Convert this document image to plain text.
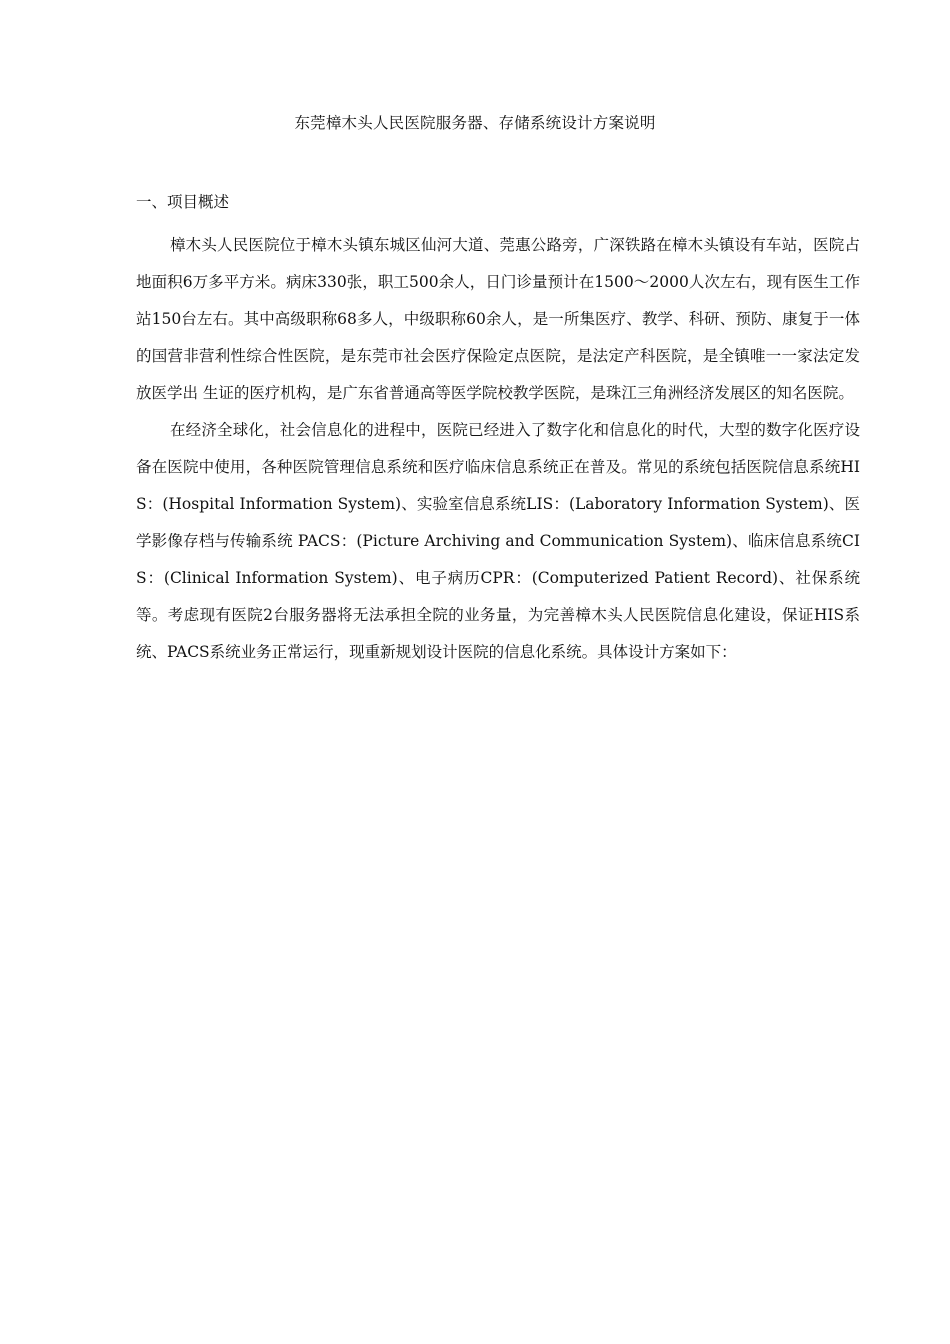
东莞樟木头人民医院服务器、存储系统设计方案说明
一、项目概述

樟木头人民医院位于樟木头镇东城区仙河大道、莞惠公路旁，广深铁路在樟木头镇设有车站，医院占地面积6万多平方米。病床330张，职工500余人，日门诊量预计在1500～2000人次左右，现有医生工作站150台左右。其中高级职称68多人，中级职称60余人，是一所集医疗、教学、科研、预防、康复于一体的国营非营利性综合性医院，是东莞市社会医疗保险定点医院，是法定产科医院，是全镇唯一一家法定发放医学出 生证的医疗机构，是广东省普通高等医学院校教学医院，是珠江三角洲经济发展区的知名医院。

在经济全球化，社会信息化的进程中，医院已经进入了数字化和信息化的时代，大型的数字化医疗设备在医院中使用，各种医院管理信息系统和医疗临床信息系统正在普及。常见的系统包括医院信息系统HIS：(Hospital Information System)、实验室信息系统LIS：(Laboratory Information System)、医学影像存档与传输系统 PACS：(Picture Archiving and Communication System)、临床信息系统CIS：(Clinical Information System)、电子病历CPR：(Computerized Patient Record)、社保系统等。考虑现有医院2台服务器将无法承担全院的业务量，为完善樟木头人民医院信息化建设，保证HIS系统、PACS系统业务正常运行，现重新规划设计医院的信息化系统。具体设计方案如下：
